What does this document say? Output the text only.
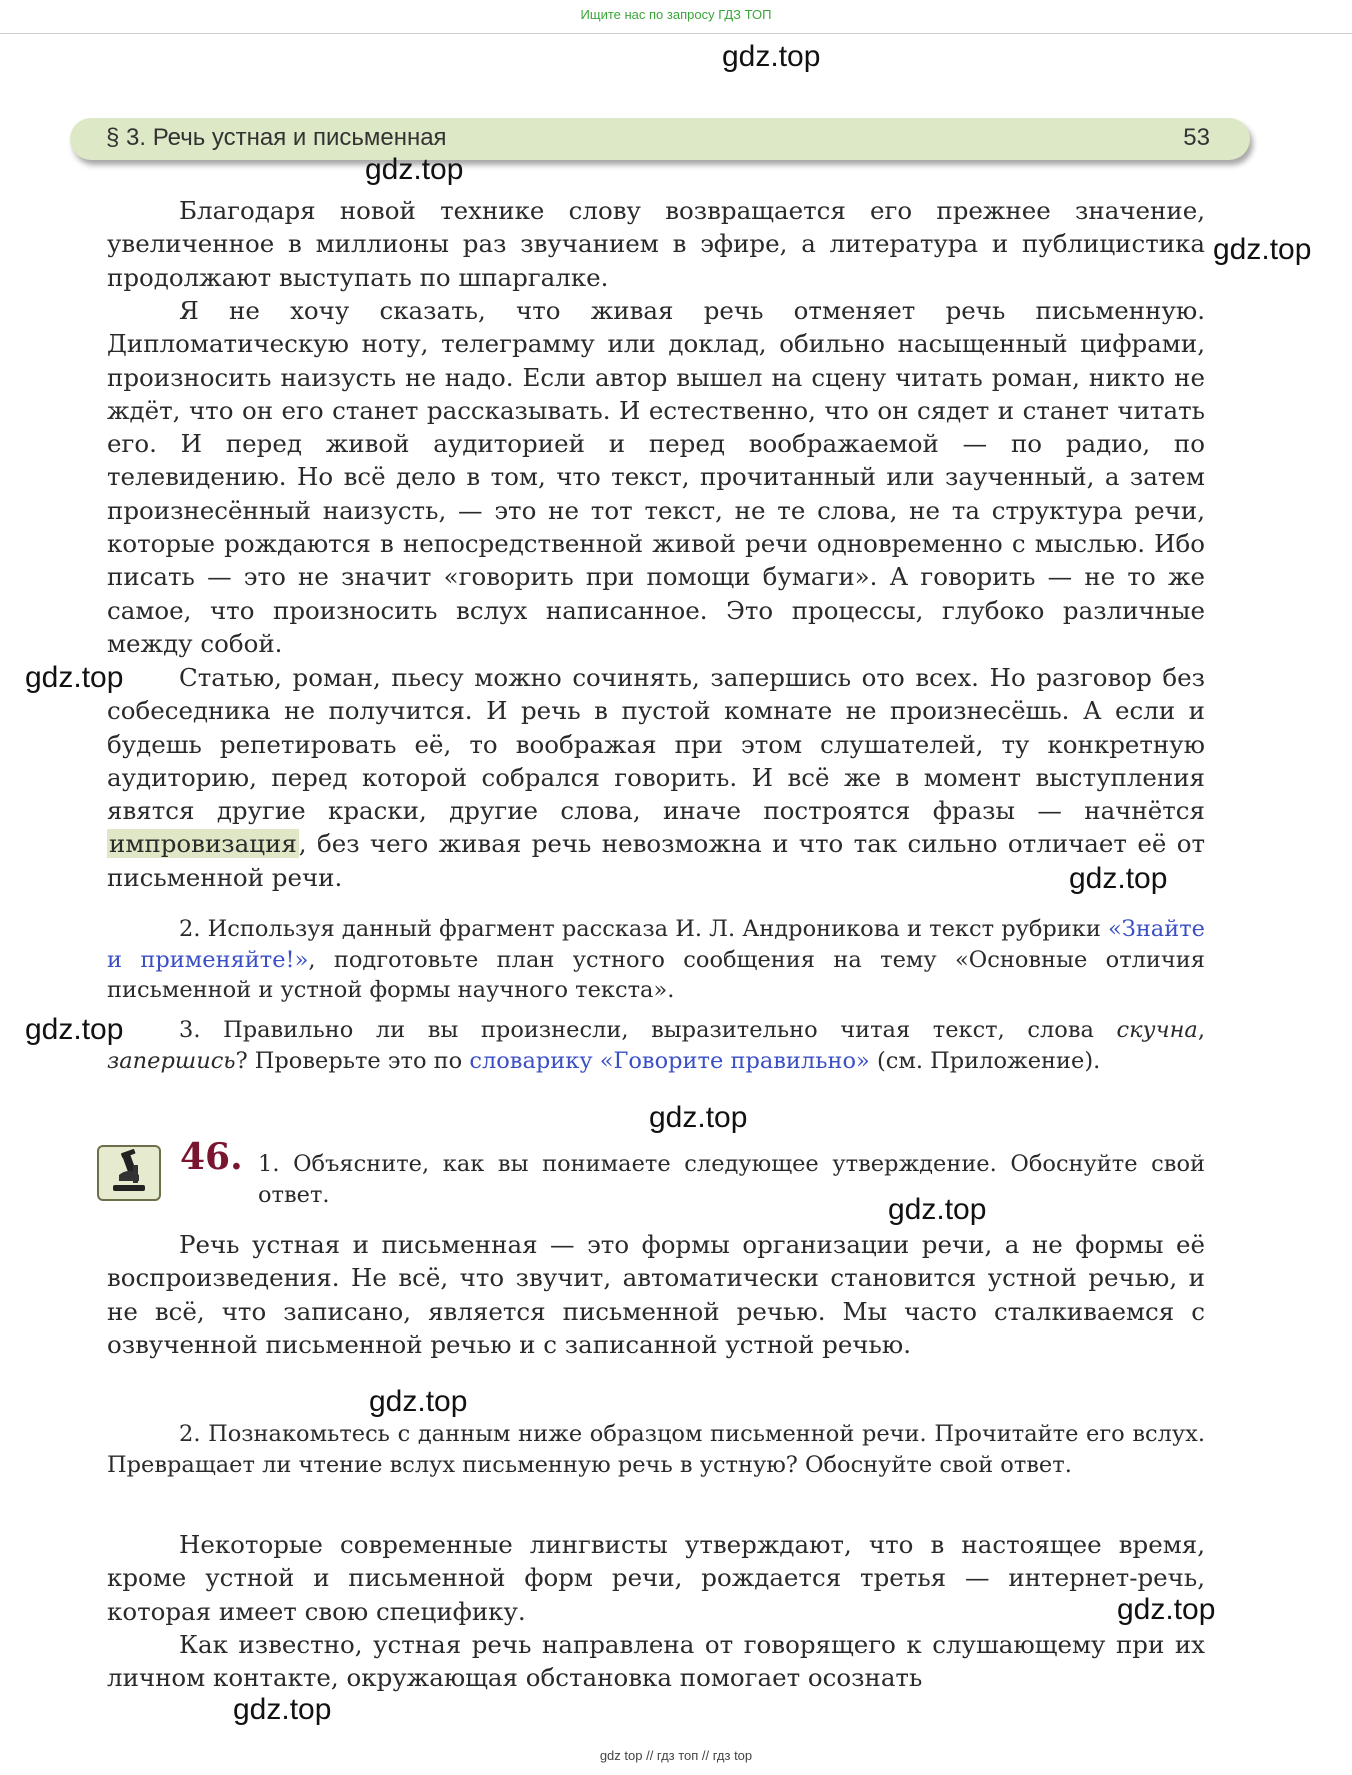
Ищите нас по запросу ГДЗ ТОП
gdz.top
§ 3. Речь устная и письменная	53
gdz.top

Благодаря новой технике слову возвращается его прежнее значение, увеличенное в миллионы раз звучанием в эфире, а литература и публицистика продолжают выступать по шпаргалке.

gdz.top

Я не хочу сказать, что живая речь отменяет речь письменную. Дипломатическую ноту, телеграмму или доклад, обильно насыщенный цифрами, произносить наизусть не надо. Если автор вышел на сцену читать роман, никто не ждёт, что он его станет рассказывать. И естественно, что он сядет и станет читать его. И перед живой аудиторией и перед воображаемой — по радио, по телевидению. Но всё дело в том, что текст, прочитанный или заученный, а затем произнесённый наизусть, — это не тот текст, не те слова, не та структура речи, которые рождаются в непосредственной живой речи одновременно с мыслью. Ибо писать — это не значит «говорить при помощи бумаги». А говорить — не то же самое, что произносить вслух написанное. Это процессы, глубоко различные между собой.

gdz.top	Статью, роман, пьесу можно сочинять, запершись ото всех. Но разговор без собеседника не получится. И речь в пустой комнате не произнесёшь. А если и будешь репетировать её, то воображая при этом слушателей, ту конкретную аудиторию, перед которой собрался говорить. И всё же в момент выступления явятся другие краски, другие слова, иначе построятся фразы — начнётся импровизация, без чего живая речь невозможна и что так сильно отличает её от письменной речи.	gdz.top

2. Используя данный фрагмент рассказа И. Л. Андроникова и текст рубрики «Знайте и применяйте!», подготовьте план устного сообщения на тему «Основные отличия письменной и устной формы научного текста».

gdz.top	3. Правильно ли вы произнесли, выразительно читая текст, слова скучна, запершись? Проверьте это по словарику «Говорите правильно» (см. Приложение).

gdz.top
46. 1. Объясните, как вы понимаете следующее утверждение. Обоснуйте свой ответ.	gdz.top

Речь устная и письменная — это формы организации речи, а не формы её воспроизведения. Не всё, что звучит, автоматически становится устной речью, и не всё, что записано, является письменной речью. Мы часто сталкиваемся с озвученной письменной речью и с записанной устной речью.

gdz.top

2. Познакомьтесь с данным ниже образцом письменной речи. Прочитайте его вслух. Превращает ли чтение вслух письменную речь в устную? Обоснуйте свой ответ.

Некоторые современные лингвисты утверждают, что в настоящее время, кроме устной и письменной форм речи, рождается третья — интернет-речь, которая имеет свою специфику.	gdz.top

Как известно, устная речь направлена от говорящего к слушающему при их личном контакте, окружающая обстановка помогает осознать

gdz.top
gdz top // гдз топ // гдз top
